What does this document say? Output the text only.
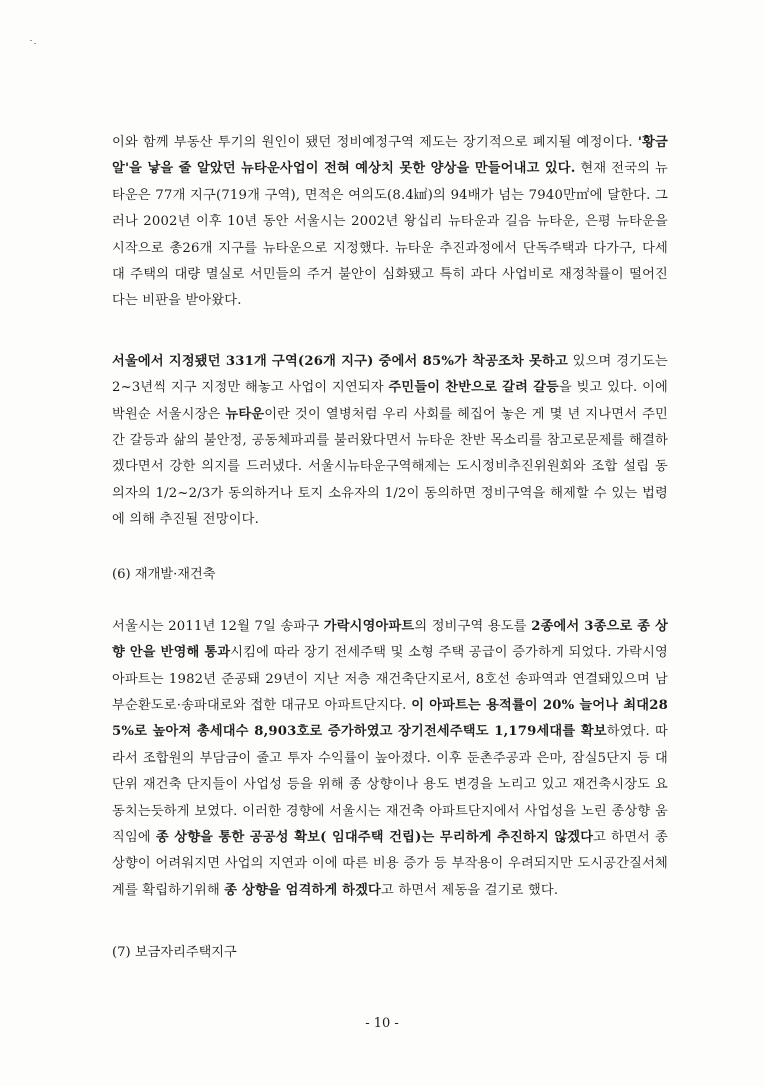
이와 함께 부동산 투기의 원인이 됐던 정비예정구역 제도는 장기적으로 폐지될 예정이다. '황금알'을 낳을 줄 알았던 뉴타운사업이 전혀 예상치 못한 양상을 만들어내고 있다. 현재 전국의 뉴타운은 77개 지구(719개 구역), 면적은 여의도(8.4㎢)의 94배가 넘는 7940만㎡에 달한다. 그러나 2002년 이후 10년 동안 서울시는 2002년 왕십리 뉴타운과 길음 뉴타운, 은평 뉴타운을 시작으로 총26개 지구를 뉴타운으로 지정했다. 뉴타운 추진과정에서 단독주택과 다가구, 다세대 주택의 대량 멸실로 서민들의 주거 불안이 심화됐고 특히 과다 사업비로 재정착률이 떨어진다는 비판을 받아왔다.

서울에서 지정됐던 331개 구역(26개 지구) 중에서 85%가 착공조차 못하고 있으며 경기도는 2~3년씩 지구 지정만 해놓고 사업이 지연되자 주민들이 찬반으로 갈려 갈등을 빚고 있다. 이에 박원순 서울시장은 뉴타운이란 것이 열병처럼 우리 사회를 헤집어 놓은 게 몇 년 지나면서 주민 간 갈등과 삶의 불안정, 공동체파괴를 불러왔다면서 뉴타운 찬반 목소리를 참고로문제를 해결하겠다면서 강한 의지를 드러냈다. 서울시뉴타운구역해제는 도시정비추진위원회와 조합 설립 동의자의 1/2~2/3가 동의하거나 토지 소유자의 1/2이 동의하면 정비구역을 해제할 수 있는 법령에 의해 추진될 전망이다.

(6) 재개발·재건축

서울시는 2011년 12월 7일 송파구 가락시영아파트의 정비구역 용도를 2종에서 3종으로 종 상향 안을 반영해 통과시킴에 따라 장기 전세주택 및 소형 주택 공급이 증가하게 되었다. 가락시영 아파트는 1982년 준공돼 29년이 지난 저층 재건축단지로서, 8호선 송파역과 연결돼있으며 남부순환도로·송파대로와 접한 대규모 아파트단지다. 이 아파트는 용적률이 20% 늘어나 최대285%로 높아져 총세대수 8,903호로 증가하였고 장기전세주택도 1,179세대를 확보하였다. 따라서 조합원의 부담금이 줄고 투자 수익률이 높아졌다. 이후 둔촌주공과 은마, 잠실5단지 등 대단위 재건축 단지들이 사업성 등을 위해 종 상향이나 용도 변경을 노리고 있고 재건축시장도 요동치는듯하게 보였다. 이러한 경향에 서울시는 재건축 아파트단지에서 사업성을 노린 종상향 움직임에 종 상향을 통한 공공성 확보( 임대주택 건립)는 무리하게 추진하지 않겠다고 하면서 종상향이 어려워지면 사업의 지연과 이에 따른 비용 증가 등 부작용이 우려되지만 도시공간질서체계를 확립하기위해 종 상향을 엄격하게 하겠다고 하면서 제동을 걸기로 했다.

(7) 보금자리주택지구
- 10 -
